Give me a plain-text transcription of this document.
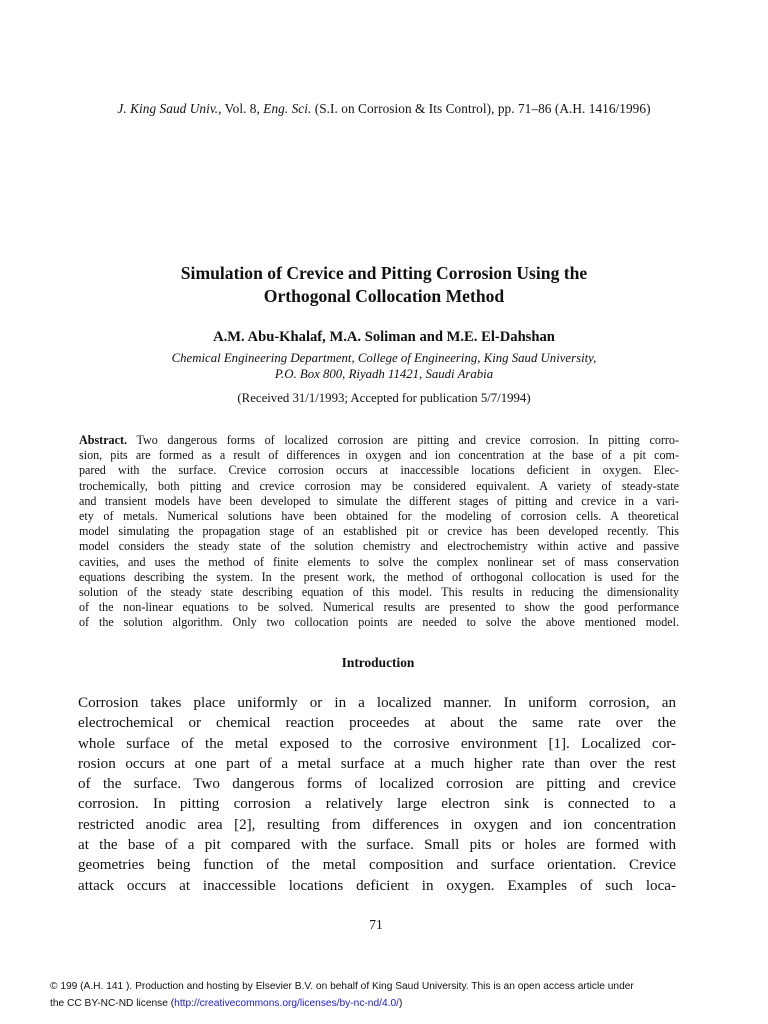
J. King Saud Univ., Vol. 8, Eng. Sci. (S.I. on Corrosion & Its Control), pp. 71–86 (A.H. 1416/1996)
Simulation of Crevice and Pitting Corrosion Using the
Orthogonal Collocation Method
A.M. Abu-Khalaf, M.A. Soliman and M.E. El-Dahshan
Chemical Engineering Department, College of Engineering, King Saud University,
P.O. Box 800, Riyadh 11421, Saudi Arabia
(Received 31/1/1993; Accepted for publication 5/7/1994)
Abstract. Two dangerous forms of localized corrosion are pitting and crevice corrosion. In pitting corro-
sion, pits are formed as a result of differences in oxygen and ion concentration at the base of a pit com-
pared with the surface. Crevice corrosion occurs at inaccessible locations deficient in oxygen. Elec-
trochemically, both pitting and crevice corrosion may be considered equivalent. A variety of steady-state
and transient models have been developed to simulate the different stages of pitting and crevice in a vari-
ety of metals. Numerical solutions have been obtained for the modeling of corrosion cells. A theoretical
model simulating the propagation stage of an established pit or crevice has been developed recently. This
model considers the steady state of the solution chemistry and electrochemistry within active and passive
cavities, and uses the method of finite elements to solve the complex nonlinear set of mass conservation
equations describing the system. In the present work, the method of orthogonal collocation is used for the
solution of the steady state describing equation of this model. This results in reducing the dimensionality
of the non-linear equations to be solved. Numerical results are presented to show the good performance
of the solution algorithm. Only two collocation points are needed to solve the above mentioned model.
Introduction
Corrosion takes place uniformly or in a localized manner. In uniform corrosion, an
electrochemical or chemical reaction proceedes at about the same rate over the
whole surface of the metal exposed to the corrosive environment [1]. Localized cor-
rosion occurs at one part of a metal surface at a much higher rate than over the rest
of the surface. Two dangerous forms of localized corrosion are pitting and crevice
corrosion. In pitting corrosion a relatively large electron sink is connected to a
restricted anodic area [2], resulting from differences in oxygen and ion concentration
at the base of a pit compared with the surface. Small pits or holes are formed with
geometries being function of the metal composition and surface orientation. Crevice
attack occurs at inaccessible locations deficient in oxygen. Examples of such loca-
71
© 199 (A.H. 141 ). Production and hosting by Elsevier B.V. on behalf of King Saud University. This is an open access article under
the CC BY-NC-ND license (http://creativecommons.org/licenses/by-nc-nd/4.0/)
